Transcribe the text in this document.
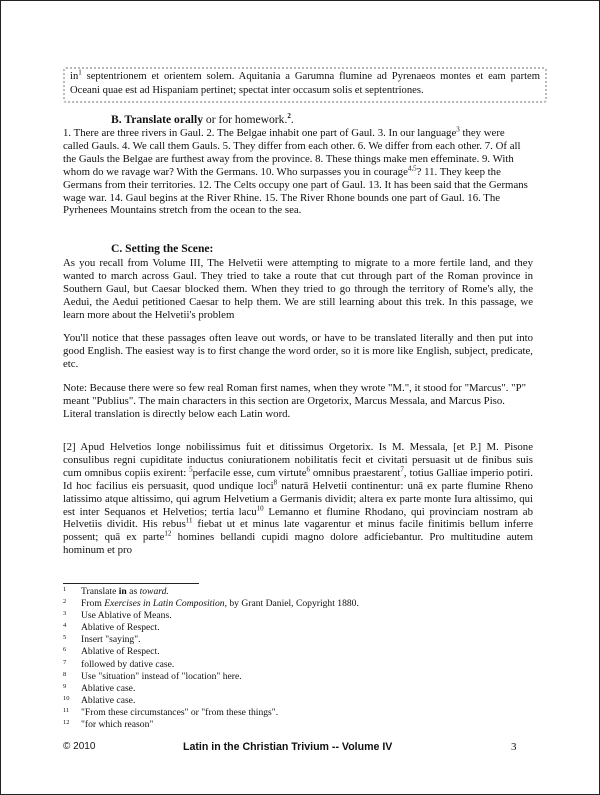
$in^1$ septentrionem et orientem solem. Aquitania a Garumna flumine ad Pyrenaeos montes et eam partem Oceani quae est ad Hispaniam pertinet; spectat inter occasum solis et septentriones.
B. Translate orally or for homework.$^2$.

1. There are three rivers in Gaul. 2. The Belgae inhabit one part of Gaul. 3. In our language$^3$ they were called Gauls. 4. We call them Gauls. 5. They differ from each other. 6. We differ from each other. 7. Of all the Gauls the Belgae are furthest away from the province. 8. These things make men effeminate. 9. With whom do we ravage war? With the Germans. 10. Who surpasses you in courage$^{4,5}$? 11. They keep the Germans from their territories. 12. The Celts occupy one part of Gaul. 13. It has been said that the Germans wage war. 14. Gaul begins at the River Rhine. 15. The River Rhone bounds one part of Gaul. 16. The Pyrhenees Mountains stretch from the ocean to the sea.

C. Setting the Scene:

As you recall from Volume III, The Helvetii were attempting to migrate to a more fertile land, and they wanted to march across Gaul. They tried to take a route that cut through part of the Roman province in Southern Gaul, but Caesar blocked them. When they tried to go through the territory of Rome's ally, the Aedui, the Aedui petitioned Caesar to help them. We are still learning about this trek. In this passage, we learn more about the Helvetii's problem

You'll notice that these passages often leave out words, or have to be translated literally and then put into good English. The easiest way is to first change the word order, so it is more like English, subject, predicate, etc.

Note: Because there were so few real Roman first names, when they wrote "M.", it stood for "Marcus". "P" meant "Publius". The main characters in this section are Orgetorix, Marcus Messala, and Marcus Piso. Literal translation is directly below each Latin word.

[2] Apud Helvetios longe nobilissimus fuit et ditissimus Orgetorix. Is M. Messala, [et P.] M. Pisone consulibus regni cupiditate inductus coniurationem nobilitatis fecit et civitati persuasit ut de finibus suis cum omnibus copiis exirent: $^5$perfacile esse, cum virtute$^6$ omnibus praestarent$^7$, totius Galliae imperio potiri. Id hoc facilius eis persuasit, quod undique loci$^8$ naturā Helvetii continentur: unā ex parte flumine Rheno latissimo atque altissimo, qui agrum Helvetium a Germanis dividit; altera ex parte monte Iura altissimo, qui est inter Sequanos et Helvetios; tertia lacu$^{10}$ Lemanno et flumine Rhodano, qui provinciam nostram ab Helvetiis dividit. His rebus$^{11}$ fiebat ut et minus late vagarentur et minus facile finitimis bellum inferre possent; quā ex parte$^{12}$ homines bellandi cupidi magno dolore adficiebantur. Pro multitudine autem hominum et pro

1 Translate in as toward.
2 From Exercises in Latin Composition, by Grant Daniel, Copyright 1880.
3 Use Ablative of Means.
4 Ablative of Respect.
5 Insert "saying".
6 Ablative of Respect.
7 followed by dative case.
8 Use "situation" instead of "location" here.
9 Ablative case.
10 Ablative case.
11 "From these circumstances" or "from these things".
12 "for which reason"
© 2010	Latin in the Christian Trivium -- Volume IV	3
